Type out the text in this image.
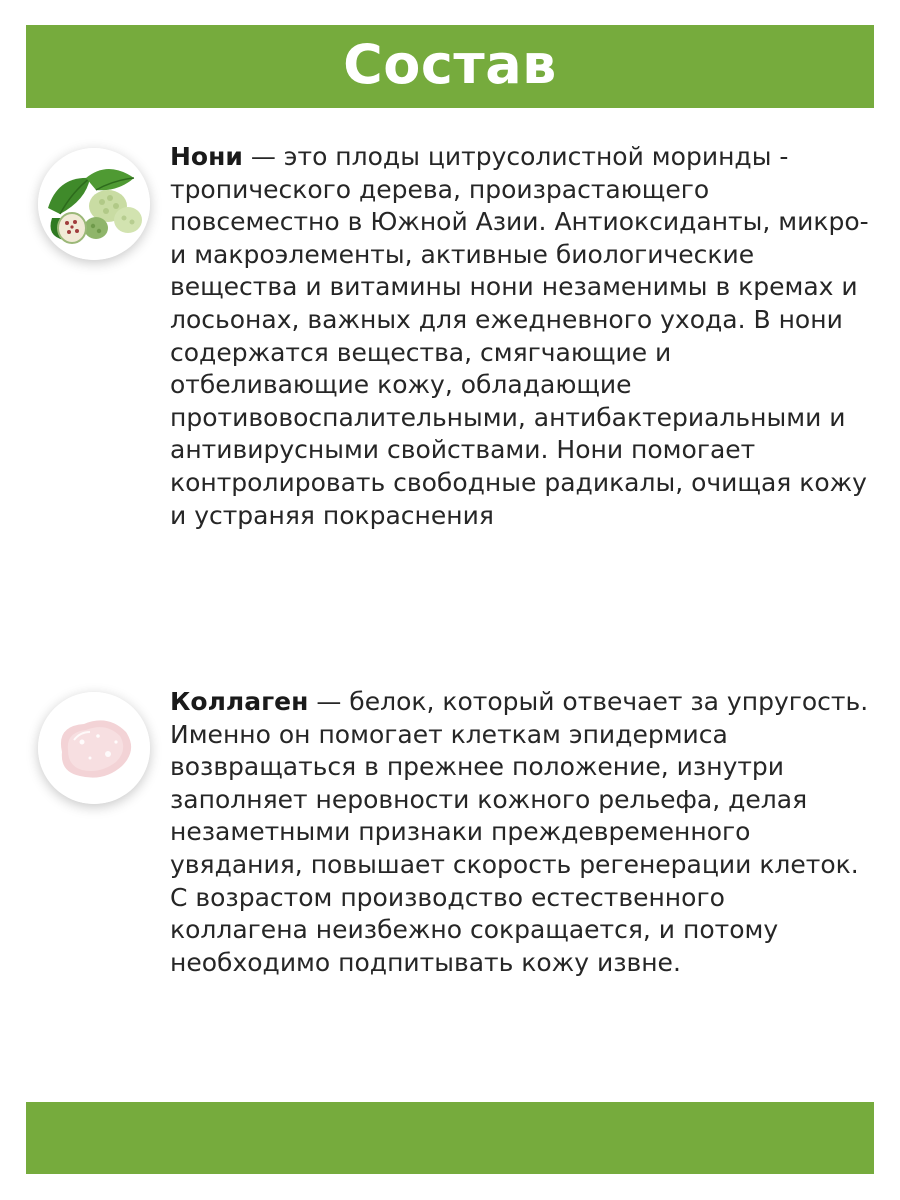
Состав

Нони — это плоды цитрусолистной моринды - тропического дерева, произрастающего повсеместно в Южной Азии. Антиоксиданты, микро- и макроэлементы, активные биологические вещества и витамины нони незаменимы в кремах и лосьонах, важных для ежедневного ухода. В нони содержатся вещества, смягчающие и отбеливающие кожу, обладающие противовоспалительными, антибактериальными и антивирусными свойствами. Нони помогает контролировать свободные радикалы, очищая кожу и устраняя покраснения

Коллаген — белок, который отвечает за упругость. Именно он помогает клеткам эпидермиса возвращаться в прежнее положение, изнутри заполняет неровности кожного рельефа, делая незаметными признаки преждевременного увядания, повышает скорость регенерации клеток. С возрастом производство естественного коллагена неизбежно сокращается, и потому необходимо подпитывать кожу извне.
